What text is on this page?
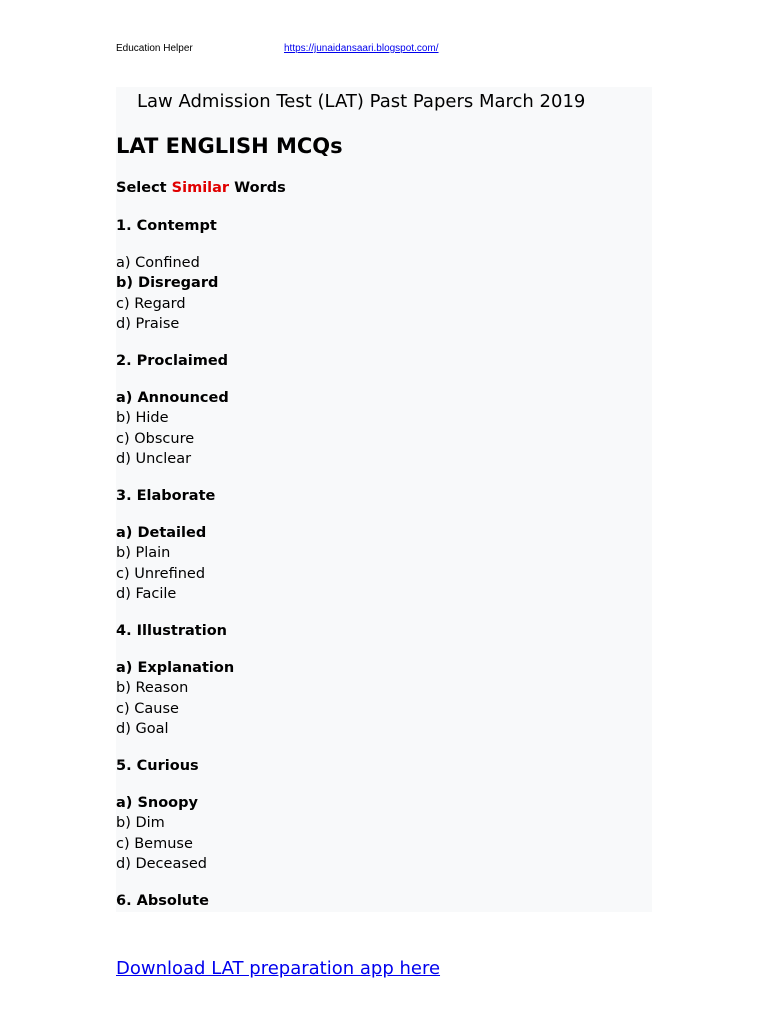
Education Helper	https://junaidansaari.blogspot.com/
Law Admission Test (LAT) Past Papers March 2019
LAT ENGLISH MCQs
Select Similar Words
1. Contempt
a) Confined
b) Disregard
c) Regard
d) Praise
2. Proclaimed
a) Announced
b) Hide
c) Obscure
d) Unclear
3. Elaborate
a) Detailed
b) Plain
c) Unrefined
d) Facile
4. Illustration
a) Explanation
b) Reason
c) Cause
d) Goal
5. Curious
a) Snoopy
b) Dim
c) Bemuse
d) Deceased
6. Absolute
Download LAT preparation app here
